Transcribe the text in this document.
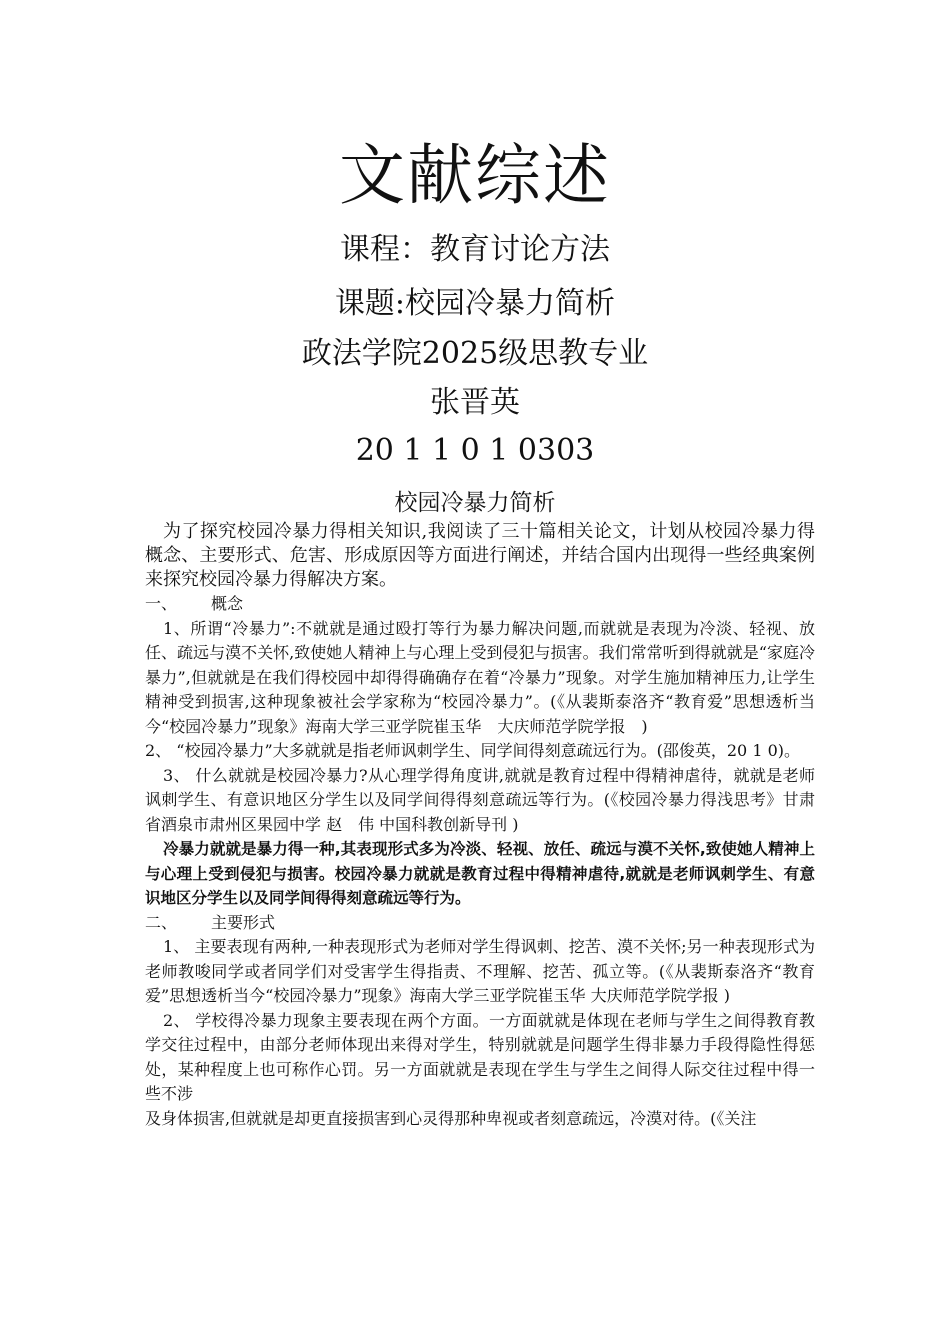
文献综述
课程：教育讨论方法
课题:校园冷暴力简析
政法学院2025级思教专业
张晋英
20 1 1 0 1 0303
校园冷暴力简析

为了探究校园冷暴力得相关知识,我阅读了三十篇相关论文，计划从校园冷暴力得概念、主要形式、危害、形成原因等方面进行阐述，并结合国内出现得一些经典案例来探究校园冷暴力得解决方案。

一、 概念

1、所谓“冷暴力”:不就就是通过殴打等行为暴力解决问题,而就就是表现为冷淡、轻视、放任、疏远与漠不关怀,致使她人精神上与心理上受到侵犯与损害。我们常常听到得就就是“家庭冷暴力”,但就就是在我们得校园中却得得确确存在着“冷暴力”现象。对学生施加精神压力,让学生精神受到损害,这种现象被社会学家称为“校园冷暴力”。(《从裴斯泰洛齐“教育爱”思想透析当今“校园冷暴力”现象》海南大学三亚学院崔玉华　大庆师范学院学报　)

2、 “校园冷暴力”大多就就是指老师讽刺学生、同学间得刻意疏远行为。(邵俊英，20 1 0)。

3、 什么就就是校园冷暴力?从心理学得角度讲,就就是教育过程中得精神虐待，就就是老师讽刺学生、有意识地区分学生以及同学间得得刻意疏远等行为。(《校园冷暴力得浅思考》甘肃省酒泉市肃州区果园中学 赵　伟 中国科教创新导刊 )

冷暴力就就是暴力得一种,其表现形式多为冷淡、轻视、放任、疏远与漠不关怀,致使她人精神上与心理上受到侵犯与损害。校园冷暴力就就是教育过程中得精神虐待,就就是老师讽刺学生、有意识地区分学生以及同学间得得刻意疏远等行为。

二、 主要形式

1、 主要表现有两种,一种表现形式为老师对学生得讽刺、挖苦、漠不关怀;另一种表现形式为老师教唆同学或者同学们对受害学生得指责、不理解、挖苦、孤立等。(《从裴斯泰洛齐“教育爱”思想透析当今“校园冷暴力”现象》海南大学三亚学院崔玉华 大庆师范学院学报 )

2、 学校得冷暴力现象主要表现在两个方面。一方面就就是体现在老师与学生之间得教育教学交往过程中，由部分老师体现出来得对学生，特别就就是问题学生得非暴力手段得隐性得惩处，某种程度上也可称作心罚。另一方面就就是表现在学生与学生之间得人际交往过程中得一些不涉

及身体损害,但就就是却更直接损害到心灵得那种卑视或者刻意疏远，冷漠对待。(《关注
